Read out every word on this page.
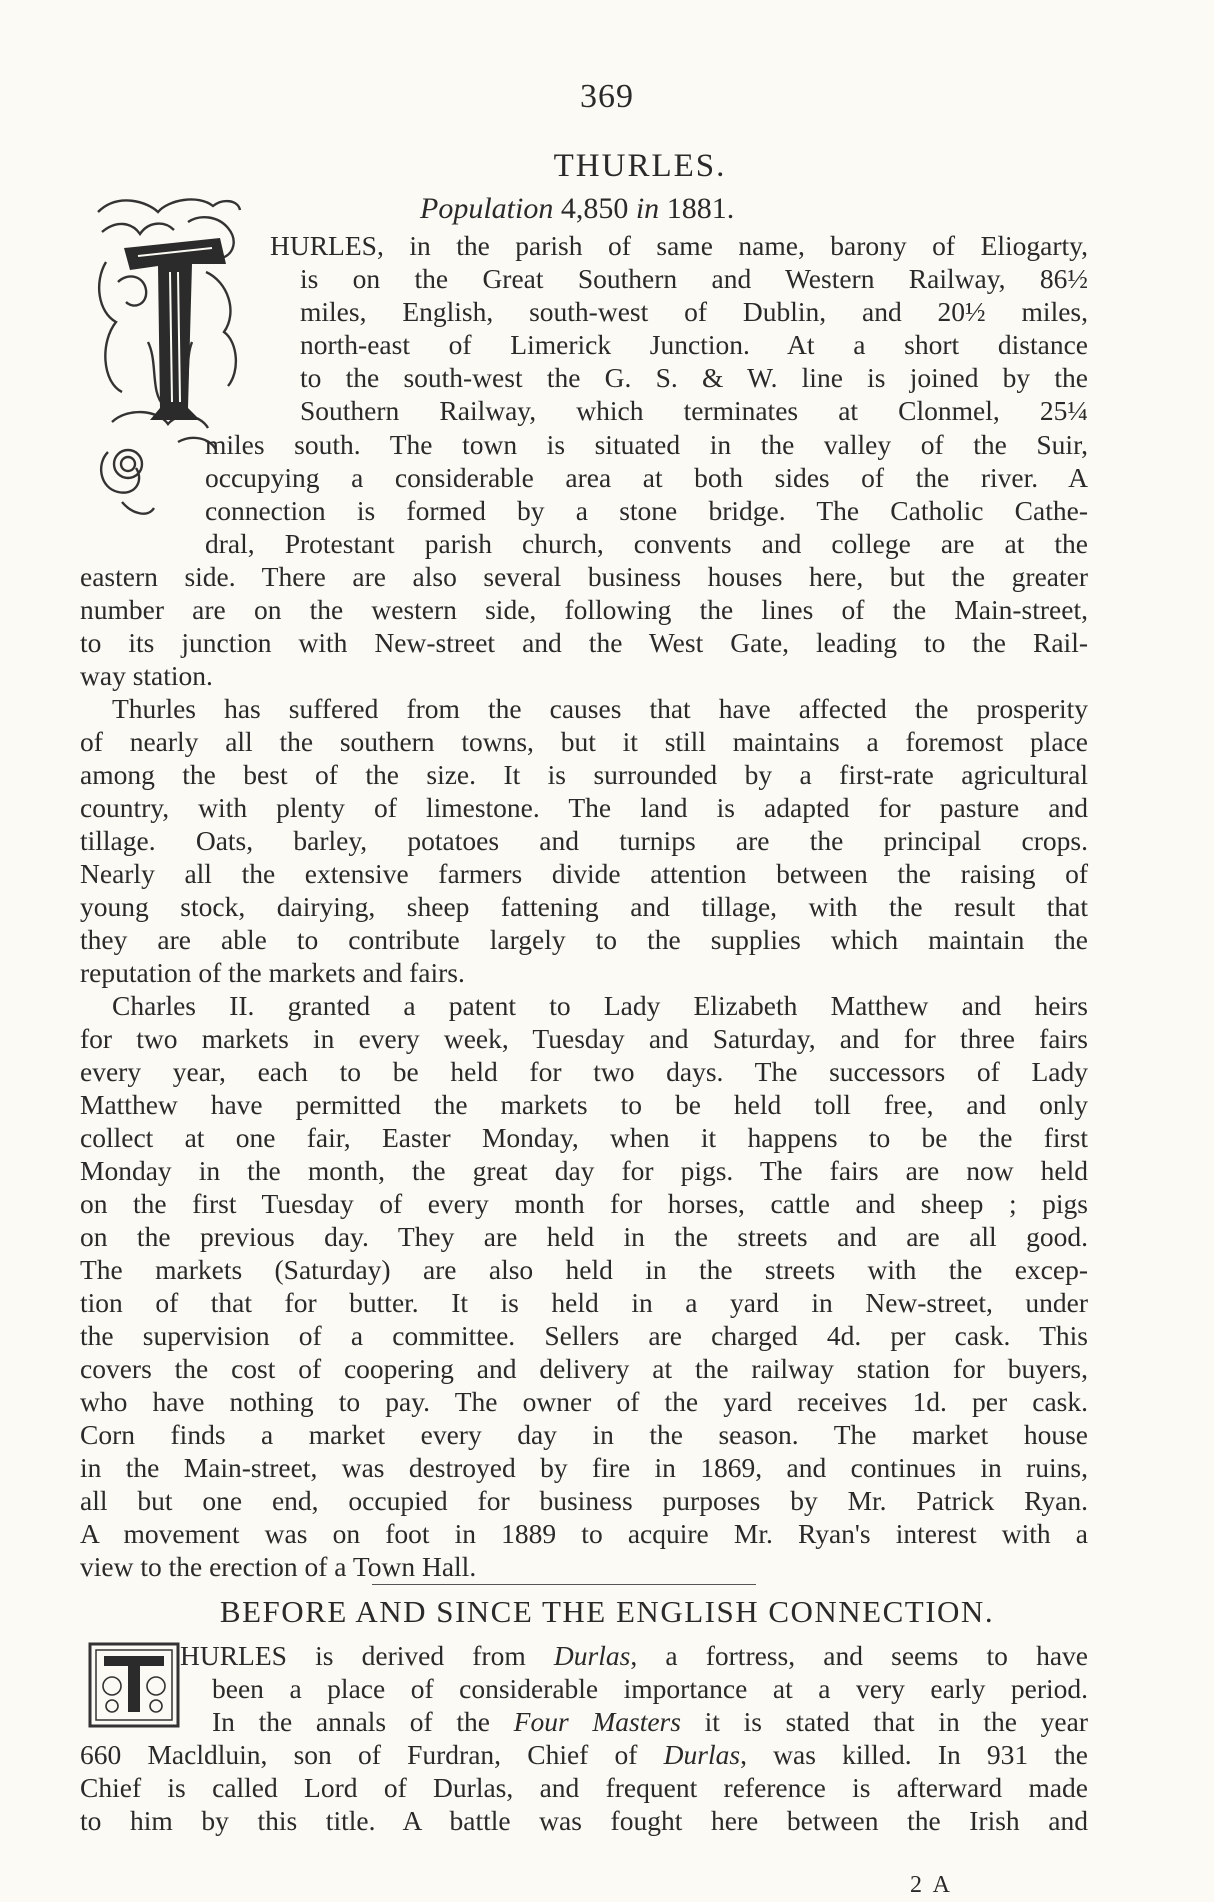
369
THURLES.
Population 4,850 in 1881.
HURLES, in the parish of same name, barony of Eliogarty,
is on the Great Southern and Western Railway, 86½
miles, English, south-west of Dublin, and 20½ miles,
north-east of Limerick Junction. At a short distance
to the south-west the G. S. & W. line is joined by the
Southern Railway, which terminates at Clonmel, 25¼
miles south. The town is situated in the valley of the Suir,
occupying a considerable area at both sides of the river. A
connection is formed by a stone bridge. The Catholic Cathe-
dral, Protestant parish church, convents and college are at the
eastern side. There are also several business houses here, but the greater
number are on the western side, following the lines of the Main-street,
to its junction with New-street and the West Gate, leading to the Rail-
way station.
Thurles has suffered from the causes that have affected the prosperity
of nearly all the southern towns, but it still maintains a foremost place
among the best of the size. It is surrounded by a first-rate agricultural
country, with plenty of limestone. The land is adapted for pasture and
tillage. Oats, barley, potatoes and turnips are the principal crops.
Nearly all the extensive farmers divide attention between the raising of
young stock, dairying, sheep fattening and tillage, with the result that
they are able to contribute largely to the supplies which maintain the
reputation of the markets and fairs.
Charles II. granted a patent to Lady Elizabeth Matthew and heirs
for two markets in every week, Tuesday and Saturday, and for three fairs
every year, each to be held for two days. The successors of Lady
Matthew have permitted the markets to be held toll free, and only
collect at one fair, Easter Monday, when it happens to be the first
Monday in the month, the great day for pigs. The fairs are now held
on the first Tuesday of every month for horses, cattle and sheep ; pigs
on the previous day. They are held in the streets and are all good.
The markets (Saturday) are also held in the streets with the excep-
tion of that for butter. It is held in a yard in New-street, under
the supervision of a committee. Sellers are charged 4d. per cask. This
covers the cost of coopering and delivery at the railway station for buyers,
who have nothing to pay. The owner of the yard receives 1d. per cask.
Corn finds a market every day in the season. The market house
in the Main-street, was destroyed by fire in 1869, and continues in ruins,
all but one end, occupied for business purposes by Mr. Patrick Ryan.
A movement was on foot in 1889 to acquire Mr. Ryan's interest with a
view to the erection of a Town Hall.
BEFORE AND SINCE THE ENGLISH CONNECTION.
HURLES is derived from Durlas, a fortress, and seems to have
been a place of considerable importance at a very early period.
In the annals of the Four Masters it is stated that in the year
660 Macldluin, son of Furdran, Chief of Durlas, was killed. In 931 the
Chief is called Lord of Durlas, and frequent reference is afterward made
to him by this title. A battle was fought here between the Irish and
2 A
